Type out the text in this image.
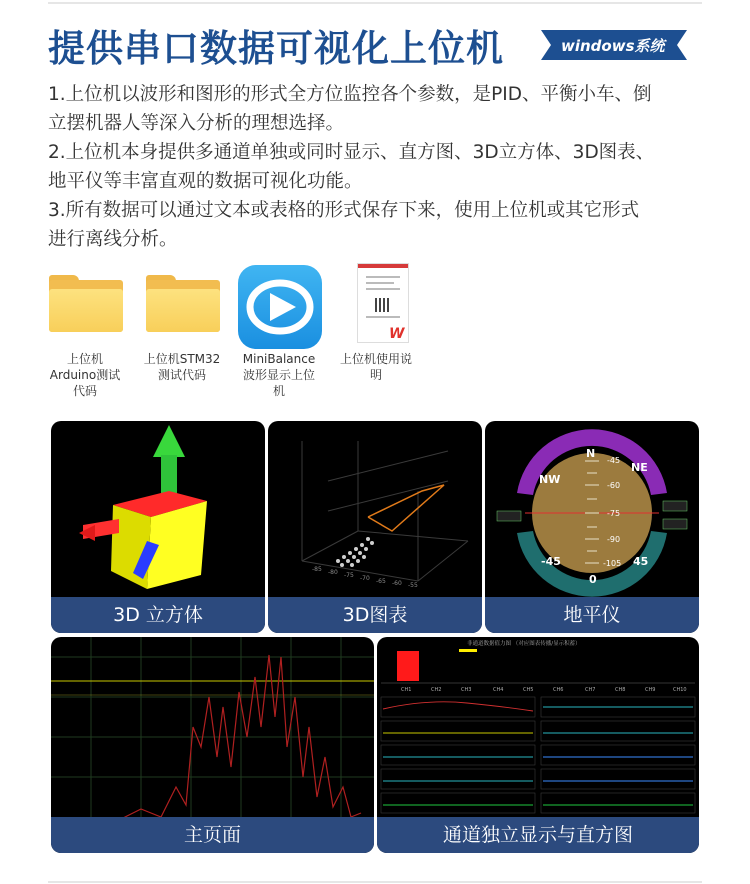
提供串口数据可视化上位机	windows系统

1.上位机以波形和图形的形式全方位监控各个参数，是PID、平衡小车、倒

立摆机器人等深入分析的理想选择。

2.上位机本身提供多通道单独或同时显示、直方图、3D立方体、3D图表、

地平仪等丰富直观的数据可视化功能。

3.所有数据可以通过文本或表格的形式保存下来，使用上位机或其它形式

进行离线分析。

上位机
Arduino测试
代码
上位机STM32
测试代码
MiniBalance
波形显示上位
机
W
上位机使用说
明
3D 立方体
-85 -80 -75 -70 -65 -60 -55
3D图表
-45
-60
-75
-90
-105
NW
N
NE
-45
0
45
地平仪
主页面
非通道数据值力图 （对应图表传播/显示积蓄）
CH1	CH2	CH3	CH4	CH5	CH6	CH7	CH8	CH9	CH10
通道独立显示与直方图
